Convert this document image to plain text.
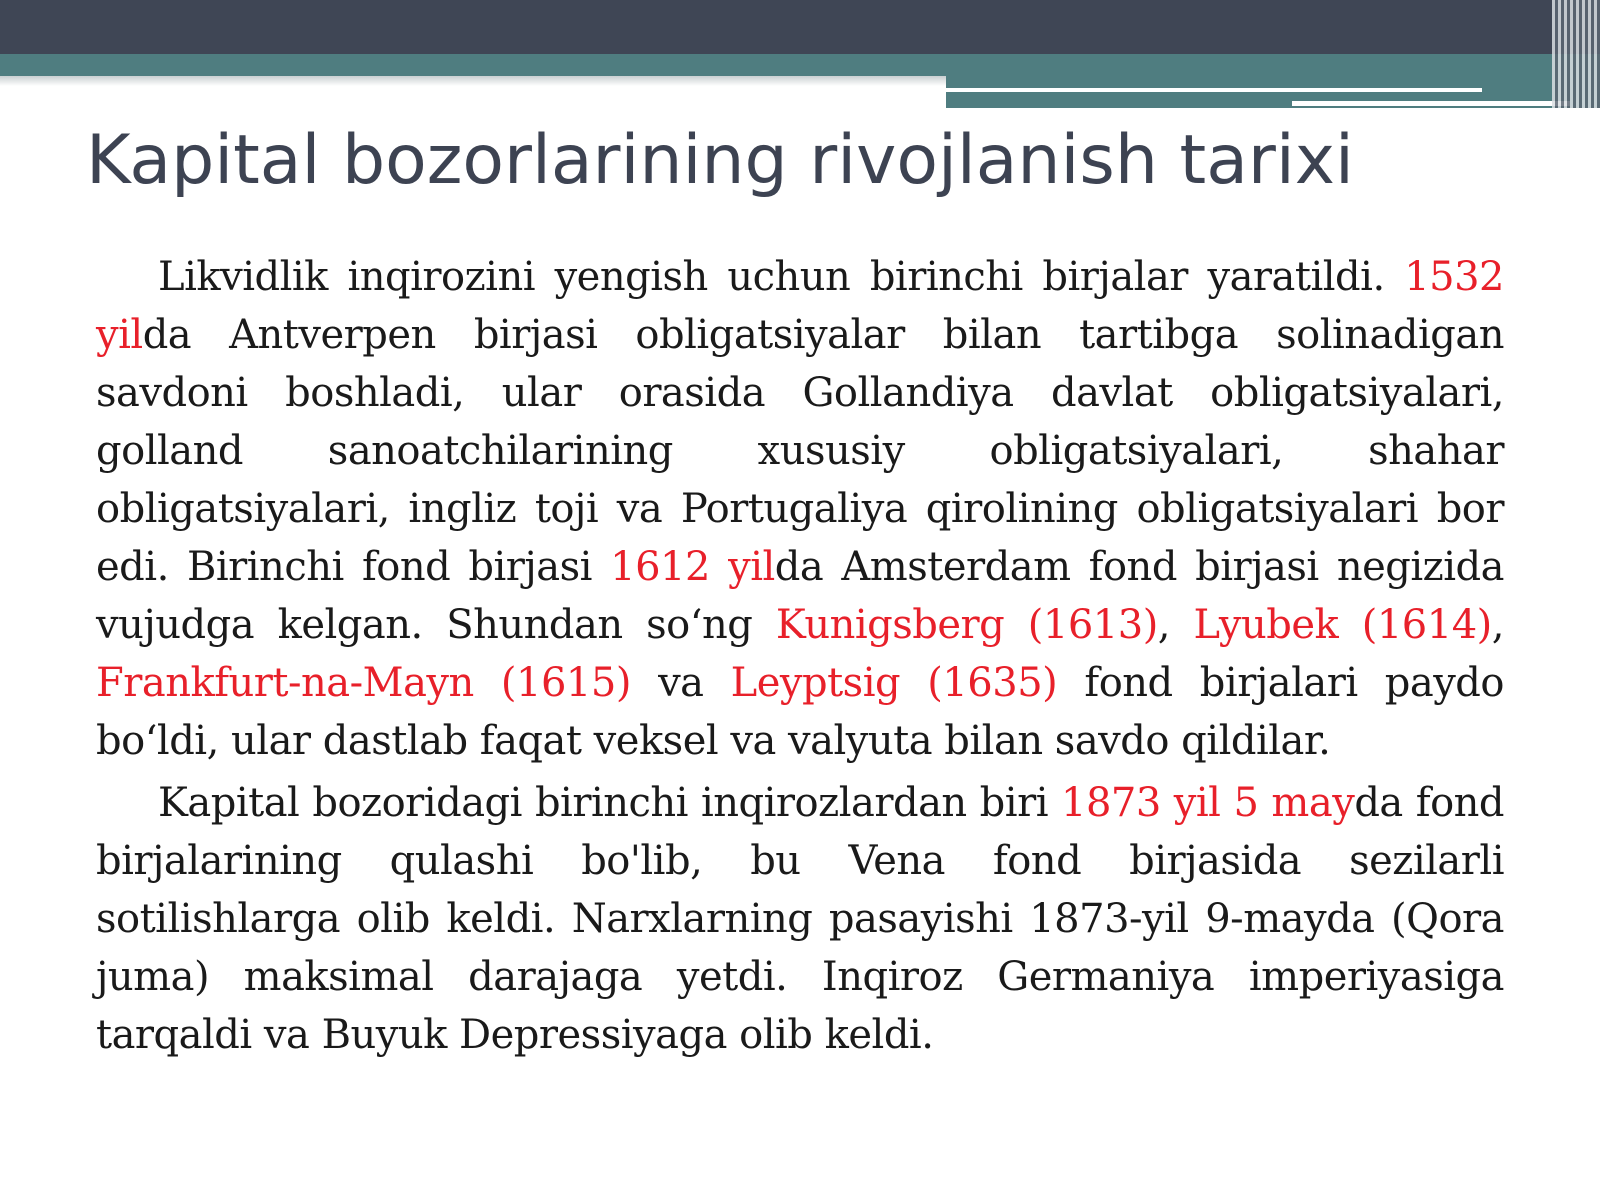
Kapital bozorlarining rivojlanish tarixi

Likvidlik inqirozini yengish uchun birinchi birjalar yaratildi. 1532 yilda Antverpen birjasi obligatsiyalar bilan tartibga solinadigan savdoni boshladi, ular orasida Gollandiya davlat obligatsiyalari, golland sanoatchilarining xususiy obligatsiyalari, shahar obligatsiyalari, ingliz toji va Portugaliya qirolining obligatsiyalari bor edi. Birinchi fond birjasi 1612 yilda Amsterdam fond birjasi negizida vujudga kelgan. Shundan so‘ng Kunigsberg (1613), Lyubek (1614), Frankfurt-na-Mayn (1615) va Leyptsig (1635) fond birjalari paydo bo‘ldi, ular dastlab faqat veksel va valyuta bilan savdo qildilar.

Kapital bozoridagi birinchi inqirozlardan biri 1873 yil 5 mayda fond birjalarining qulashi bo'lib, bu Vena fond birjasida sezilarli sotilishlarga olib keldi. Narxlarning pasayishi 1873-yil 9-mayda (Qora juma) maksimal darajaga yetdi. Inqiroz Germaniya imperiyasiga tarqaldi va Buyuk Depressiyaga olib keldi.
